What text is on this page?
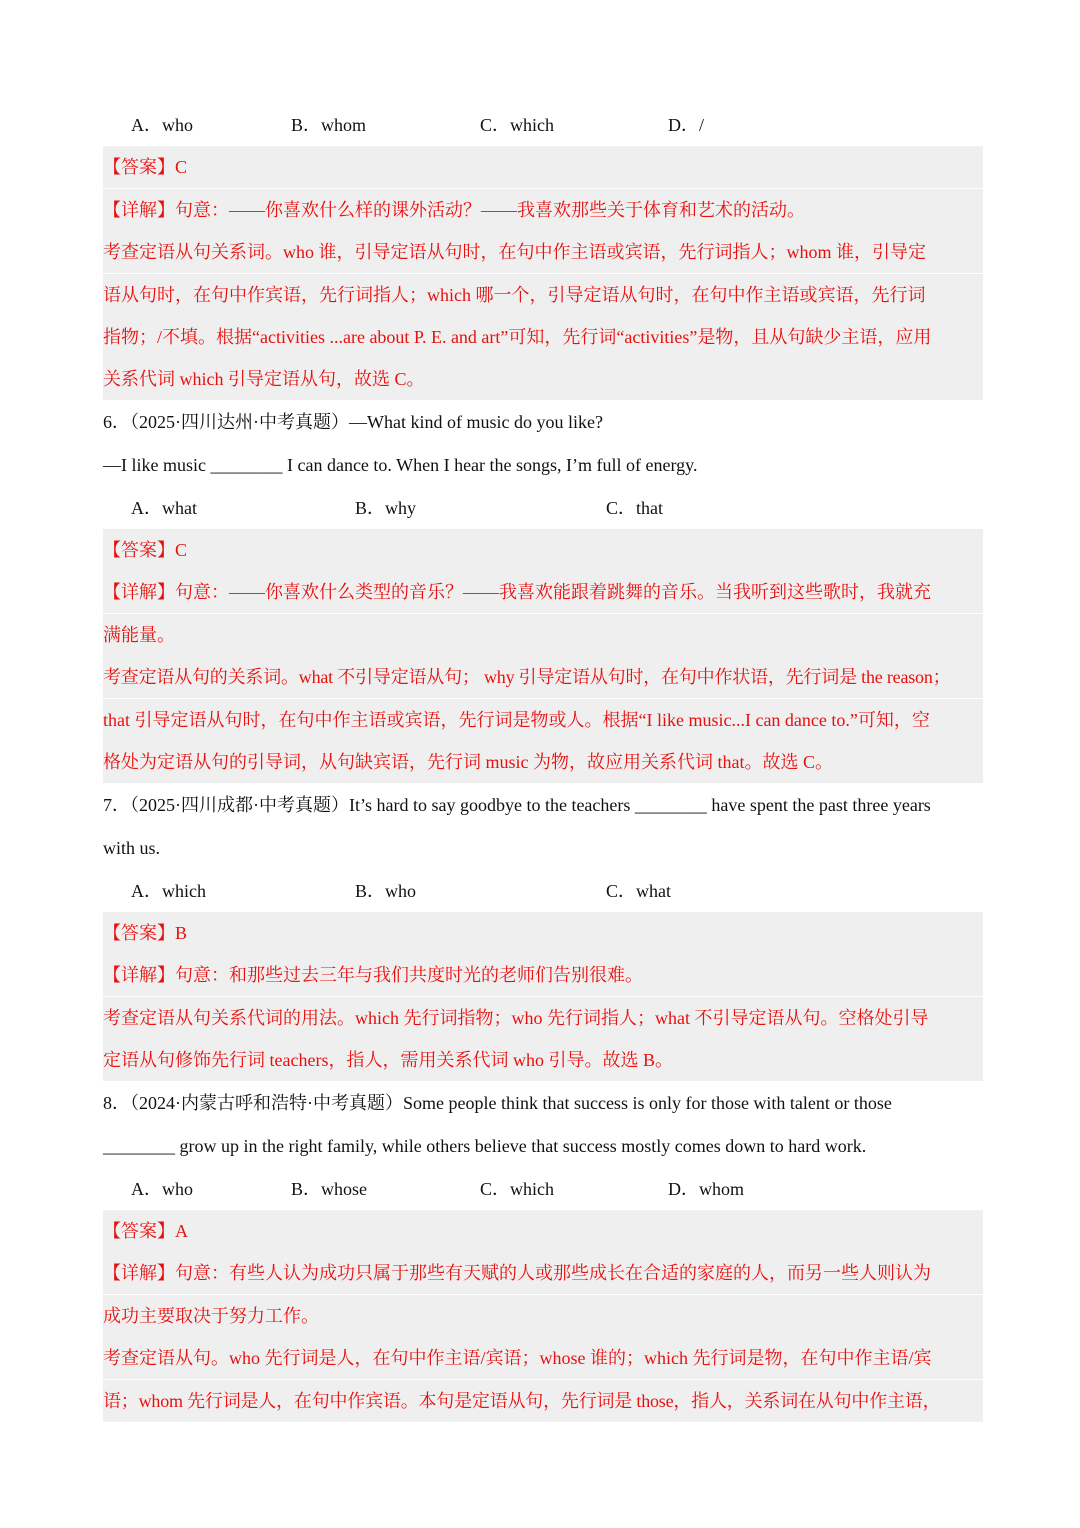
A．who	B．whom	C．which	D．/
【答案】C
【详解】句意：——你喜欢什么样的课外活动？——我喜欢那些关于体育和艺术的活动。
考查定语从句关系词。who 谁，引导定语从句时，在句中作主语或宾语，先行词指人；whom 谁，引导定
语从句时，在句中作宾语，先行词指人；which 哪一个，引导定语从句时，在句中作主语或宾语，先行词
指物；/不填。根据“activities ...are about P. E. and art”可知，先行词“activities”是物，且从句缺少主语，应用
关系代词 which 引导定语从句，故选 C。
6．（2025·四川达州·中考真题）—What kind of music do you like?
—I like music ________ I can dance to. When I hear the songs, I’m full of energy.
A．what	B．why	C．that
【答案】C
【详解】句意：——你喜欢什么类型的音乐？——我喜欢能跟着跳舞的音乐。当我听到这些歌时，我就充
满能量。
考查定语从句的关系词。what 不引导定语从句； why 引导定语从句时，在句中作状语，先行词是 the reason；
that 引导定语从句时，在句中作主语或宾语，先行词是物或人。根据“I like music...I can dance to.”可知，空
格处为定语从句的引导词，从句缺宾语，先行词 music 为物，故应用关系代词 that。故选 C。
7．（2025·四川成都·中考真题）It’s hard to say goodbye to the teachers ________ have spent the past three years
with us.
A．which	B．who	C．what
【答案】B
【详解】句意：和那些过去三年与我们共度时光的老师们告别很难。
考查定语从句关系代词的用法。which 先行词指物；who 先行词指人；what 不引导定语从句。空格处引导
定语从句修饰先行词 teachers，指人，需用关系代词 who 引导。故选 B。
8．（2024·内蒙古呼和浩特·中考真题）Some people think that success is only for those with talent or those
________ grow up in the right family, while others believe that success mostly comes down to hard work.
A．who	B．whose	C．which	D．whom
【答案】A
【详解】句意：有些人认为成功只属于那些有天赋的人或那些成长在合适的家庭的人，而另一些人则认为
成功主要取决于努力工作。
考查定语从句。who 先行词是人，在句中作主语/宾语；whose 谁的；which 先行词是物，在句中作主语/宾
语；whom 先行词是人，在句中作宾语。本句是定语从句，先行词是 those，指人，关系词在从句中作主语，
